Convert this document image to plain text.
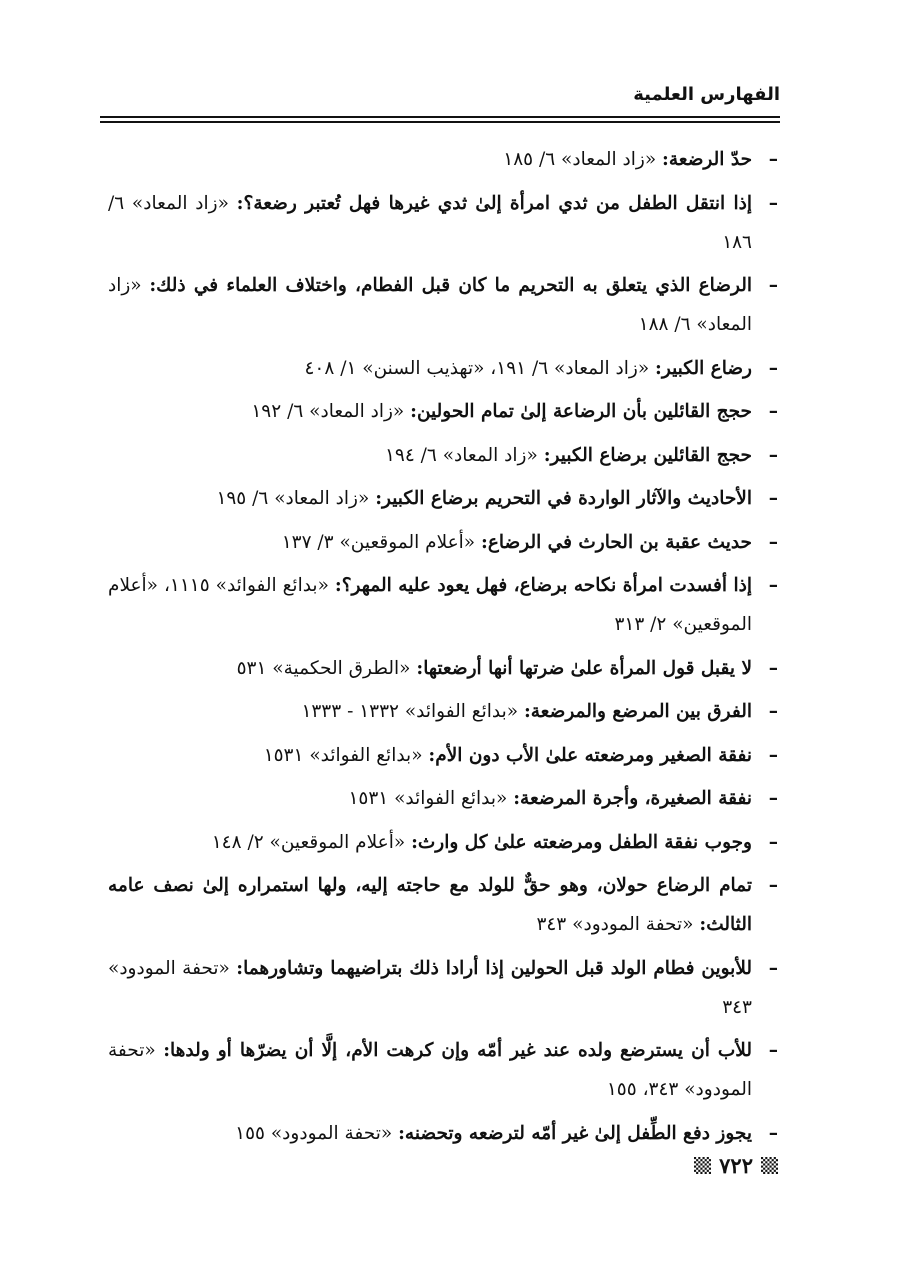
الفهارس العلمية
–
حدّ الرضعة: «زاد المعاد» ٦/ ١٨٥
–
إذا انتقل الطفل من ثدي امرأة إلىٰ ثدي غيرها فهل تُعتبر رضعة؟: «زاد المعاد» ٦/ ١٨٦
–
الرضاع الذي يتعلق به التحريم ما كان قبل الفطام، واختلاف العلماء في ذلك: «زاد المعاد» ٦/ ١٨٨
–
رضاع الكبير: «زاد المعاد» ٦/ ١٩١، «تهذيب السنن» ١/ ٤٠٨
–
حجج القائلين بأن الرضاعة إلىٰ تمام الحولين: «زاد المعاد» ٦/ ١٩٢
–
حجج القائلين برضاع الكبير: «زاد المعاد» ٦/ ١٩٤
–
الأحاديث والآثار الواردة في التحريم برضاع الكبير: «زاد المعاد» ٦/ ١٩٥
–
حديث عقبة بن الحارث في الرضاع: «أعلام الموقعين» ٣/ ١٣٧
–
إذا أفسدت امرأة نكاحه برضاع، فهل يعود عليه المهر؟: «بدائع الفوائد» ١١١٥، «أعلام الموقعين» ٢/ ٣١٣
–
لا يقبل قول المرأة علىٰ ضرتها أنها أرضعتها: «الطرق الحكمية» ٥٣١
–
الفرق بين المرضع والمرضعة: «بدائع الفوائد» ١٣٣٢ - ١٣٣٣
–
نفقة الصغير ومرضعته علىٰ الأب دون الأم: «بدائع الفوائد» ١٥٣١
–
نفقة الصغيرة، وأجرة المرضعة: «بدائع الفوائد» ١٥٣١
–
وجوب نفقة الطفل ومرضعته علىٰ كل وارث: «أعلام الموقعين» ٢/ ١٤٨
–
تمام الرضاع حولان، وهو حقٌّ للولد مع حاجته إليه، ولها استمراره إلىٰ نصف عامه الثالث: «تحفة المودود» ٣٤٣
–
للأبوين فطام الولد قبل الحولين إذا أرادا ذلك بتراضيهما وتشاورهما: «تحفة المودود» ٣٤٣
–
للأب أن يسترضع ولده عند غير أمّه وإن كرهت الأم، إلَّا أن يضرّها أو ولدها: «تحفة المودود» ٣٤٣، ١٥٥
–
يجوز دفع الطِّفل إلىٰ غير أمّه لترضعه وتحضنه: «تحفة المودود» ١٥٥
٧٢٢
